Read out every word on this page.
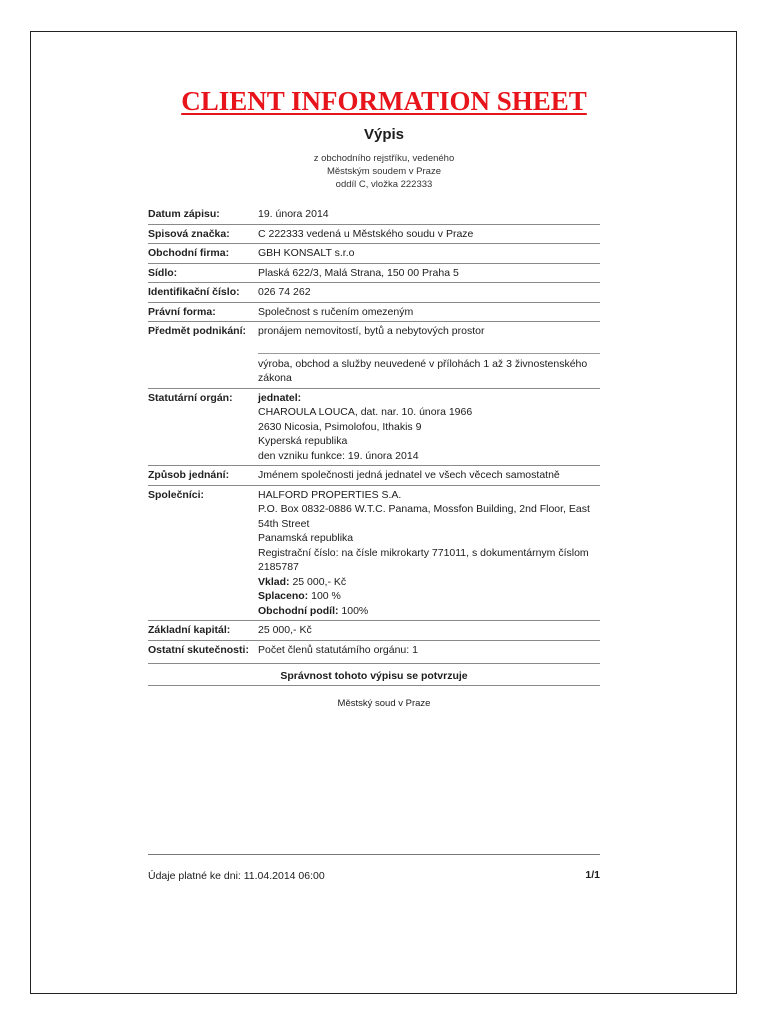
CLIENT INFORMATION SHEET
Výpis
z obchodního rejstříku, vedeného
Městským soudem v Praze
oddíl C, vložka 222333
Datum zápisu:	19. února 2014
Spisová značka:	C 222333 vedená u Městského soudu v Praze
Obchodní firma:	GBH KONSALT s.r.o
Sídlo:	Plaská 622/3, Malá Strana, 150 00 Praha 5
Identifikační číslo:	026 74 262
Právní forma:	Společnost s ručením omezeným
Předmět podnikání:	pronájem nemovitostí, bytů a nebytových prostor
výroba, obchod a služby neuvedené v přílohách 1 až 3 živnostenského zákona
Statutární orgán:	jednatel:
CHAROULA LOUCA, dat. nar. 10. února 1966
2630 Nicosia, Psimolofou, Ithakis 9
Kyperská republika
den vzniku funkce: 19. února 2014
Způsob jednání:	Jménem společnosti jedná jednatel ve všech věcech samostatně
Společníci:	HALFORD PROPERTIES S.A.
P.O. Box 0832-0886 W.T.C. Panama, Mossfon Building, 2nd Floor, East 54th Street
Panamská republika
Registrační číslo: na čísle mikrokarty 771011, s dokumentárnym číslom 2185787
Vklad: 25 000,- Kč
Splaceno: 100 %
Obchodní podíl: 100%
Základní kapitál:	25 000,- Kč
Ostatní skutečnosti: Počet členů statutámího orgánu: 1
Správnost tohoto výpisu se potvrzuje
Městský soud v Praze
Údaje platné ke dni: 11.04.2014 06:00	1/1
